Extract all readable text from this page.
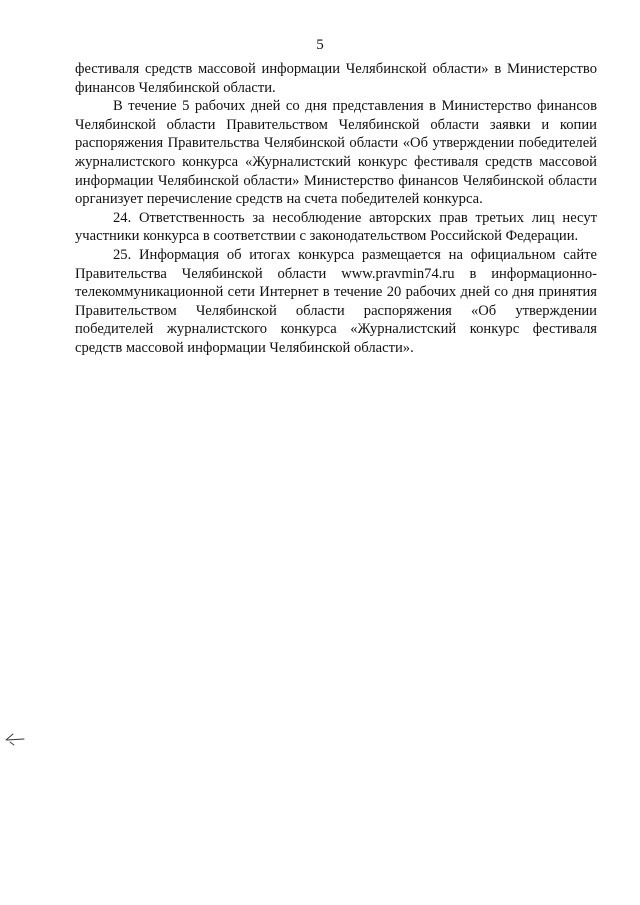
5

фестиваля средств массовой информации Челябинской области» в Министерство финансов Челябинской области.

В течение 5 рабочих дней со дня представления в Министерство финансов Челябинской области Правительством Челябинской области заявки и копии распоряжения Правительства Челябинской области «Об утверждении победителей журналистского конкурса «Журналистский конкурс фестиваля средств массовой информации Челябинской области» Министерство финансов Челябинской области организует перечисление средств на счета победителей конкурса.

24. Ответственность за несоблюдение авторских прав третьих лиц несут участники конкурса в соответствии с законодательством Российской Федерации.

25. Информация об итогах конкурса размещается на официальном сайте Правительства Челябинской области www.pravmin74.ru в информационно-телекоммуникационной сети Интернет в течение 20 рабочих дней со дня принятия Правительством Челябинской области распоряжения «Об утверждении победителей журналистского конкурса «Журналистский конкурс фестиваля средств массовой информации Челябинской области».
